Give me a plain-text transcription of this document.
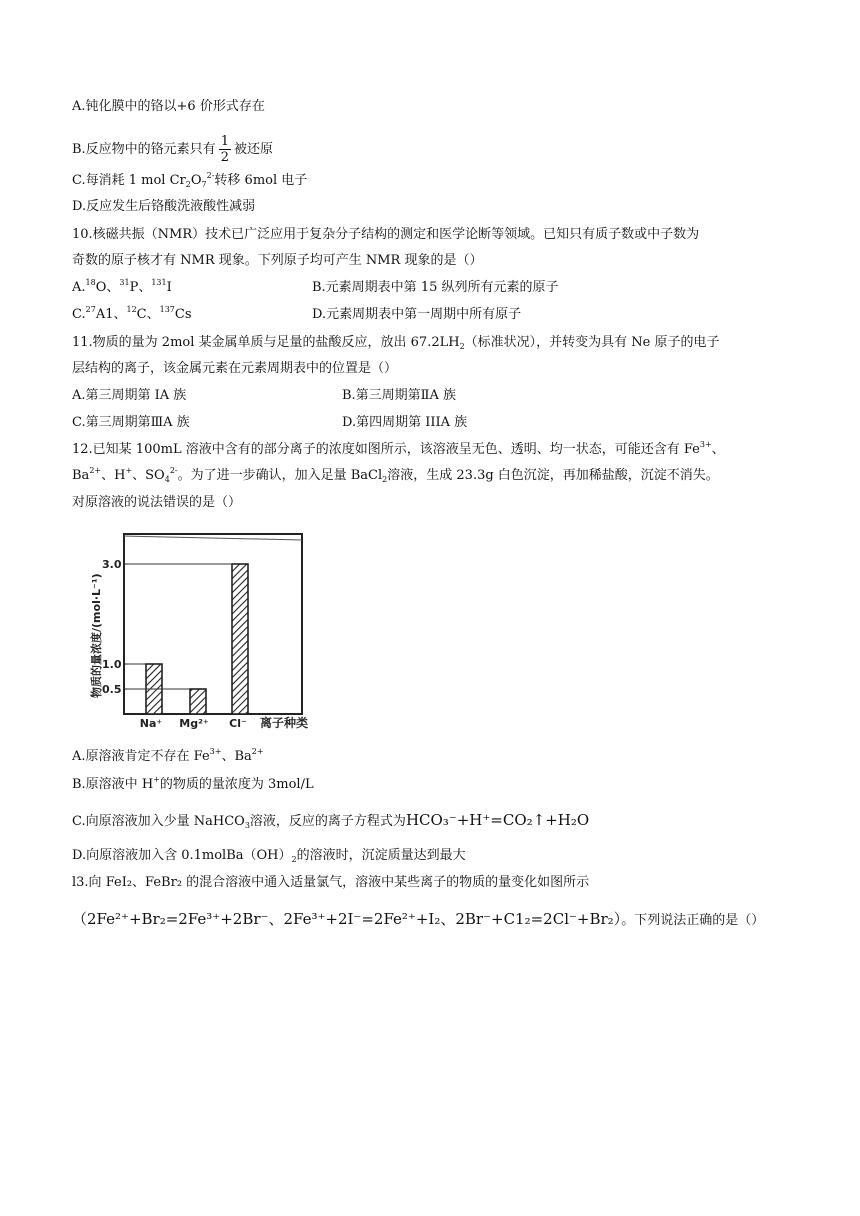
A.钝化膜中的铬以+6 价形式存在
B.反应物中的铬元素只有 $\frac{1}{2}$ 被还原
C.每消耗 1 mol $Cr_2O_7^{2-}$转移 6mol 电子
D.反应发生后铬酸洗液酸性减弱
10.核磁共振（NMR）技术已广泛应用于复杂分子结构的测定和医学论断等领域。已知只有质子数或中子数为
奇数的原子核才有 NMR 现象。下列原子均可产生 NMR 现象的是（）
A.$^{18}$O、$^{31}$P、$^{131}$I	B.元素周期表中第 15 纵列所有元素的原子
C.$^{27}$A1、$^{12}$C、$^{137}$Cs	D.元素周期表中第一周期中所有原子
11.物质的量为 2mol 某金属单质与足量的盐酸反应，放出 $67.2LH_2$（标准状况），并转变为具有 Ne 原子的电子
层结构的离子，该金属元素在元素周期表中的位置是（）
A.第三周期第 IA 族	B.第三周期第ⅡA 族
C.第三周期第ⅢA 族	D.第四周期第 IIIA 族
12.已知某 100mL 溶液中含有的部分离子的浓度如图所示，该溶液呈无色、透明、均一状态，可能还含有 $Fe^{3+}$、
$Ba^{2+}$、H+、$SO_4^{2-}$。为了进一步确认，加入足量 BaCl$_2$溶液，生成 23.3g 白色沉淀，再加稀盐酸，沉淀不消失。
对原溶液的说法错误的是（）
0.5
1.0
3.0
Na⁺ Mg²⁺ Cl⁻
物质的量浓度/(mol·L⁻¹)
离子种类
A.原溶液肯定不存在 $Fe^{3+}$、$Ba^{2+}$
B.原溶液中 H+的物质的量浓度为 3mol/L
C.向原溶液加入少量 NaHCO$_3$溶液，反应的离子方程式为HCO₃⁻+H⁺=CO₂↑+H₂O
D.向原溶液加入含 $0.1molBa(OH)_2$的溶液时，沉淀质量达到最大
l3.向 FeI₂、FeBr₂ 的混合溶液中通入适量氯气，溶液中某些离子的物质的量变化如图所示
（2Fe²⁺+Br₂=2Fe³⁺+2Br⁻、2Fe³⁺+2I⁻=2Fe²⁺+I₂、2Br⁻+C1₂=2Cl⁻+Br₂）。下列说法正确的是（）
